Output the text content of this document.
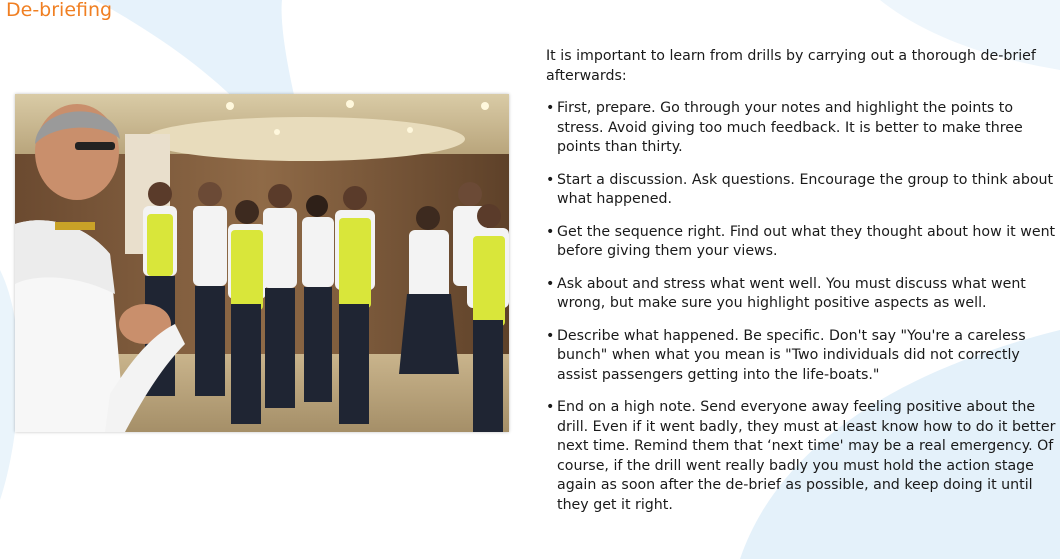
De-briefing

It is important to learn from drills by carrying out a thorough de-brief afterwards:

• First, prepare. Go through your notes and highlight the points to stress. Avoid giving too much feedback. It is better to make three points than thirty.
• Start a discussion. Ask questions. Encourage the group to think about what happened.
• Get the sequence right. Find out what they thought about how it went before giving them your views.
• Ask about and stress what went well. You must discuss what went wrong, but make sure you highlight positive aspects as well.
• Describe what happened. Be specific. Don't say "You're a careless bunch" when what you mean is "Two individuals did not correctly assist passengers getting into the life-boats."
• End on a high note. Send everyone away feeling positive about the drill. Even if it went badly, they must at least know how to do it better next time. Remind them that ‘next time' may be a real emergency. Of course, if the drill went really badly you must hold the action stage again as soon after the de-brief as possible, and keep doing it until they get it right.
